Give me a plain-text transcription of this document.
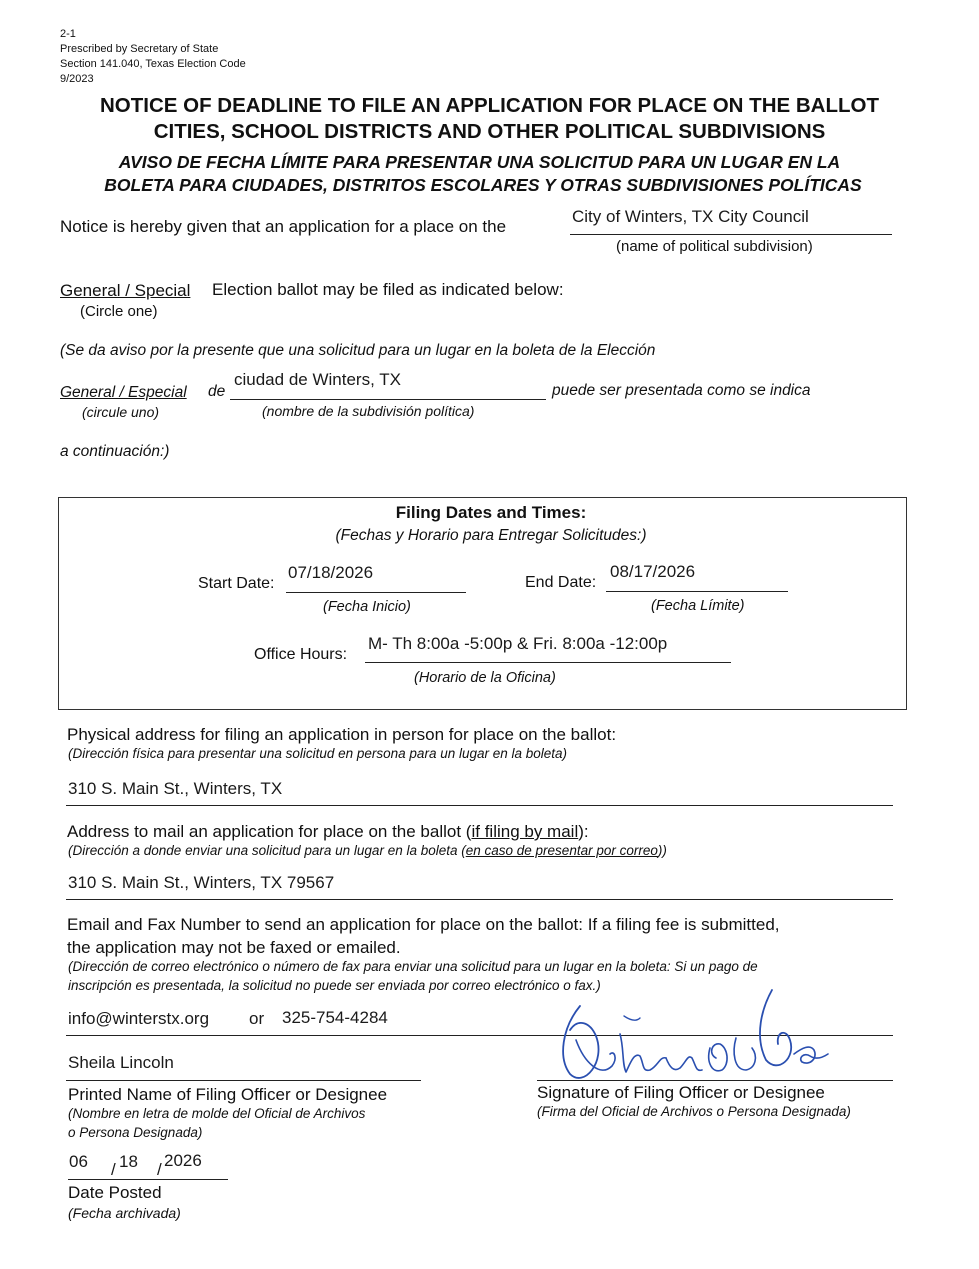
2-1
Prescribed by Secretary of State
Section 141.040, Texas Election Code
9/2023
NOTICE OF DEADLINE TO FILE AN APPLICATION FOR PLACE ON THE BALLOT
CITIES, SCHOOL DISTRICTS AND OTHER POLITICAL SUBDIVISIONS
AVISO DE FECHA LÍMITE PARA PRESENTAR UNA SOLICITUD PARA UN LUGAR EN LA
BOLETA PARA CIUDADES, DISTRITOS ESCOLARES Y OTRAS SUBDIVISIONES POLÍTICAS
Notice is hereby given that an application for a place on the
City of Winters, TX City Council
(name of political subdivision)
General / Special Election ballot may be filed as indicated below:
(Circle one)
(Se da aviso por la presente que una solicitud para un lugar en la boleta de la Elección
General / Especial de
ciudad de Winters, TX
puede ser presentada como se indica
(circule uno)	(nombre de la subdivisión política)
a continuación:)
Filing Dates and Times:
(Fechas y Horario para Entregar Solicitudes:)
Start Date:
07/18/2026
(Fecha Inicio)
End Date:
08/17/2026
(Fecha Límite)
Office Hours:
M- Th 8:00a -5:00p & Fri. 8:00a -12:00p
(Horario de la Oficina)
Physical address for filing an application in person for place on the ballot:
(Dirección física para presentar una solicitud en persona para un lugar en la boleta)
310 S. Main St., Winters, TX
Address to mail an application for place on the ballot (if filing by mail):
(Dirección a donde enviar una solicitud para un lugar en la boleta (en caso de presentar por correo))
310 S. Main St., Winters, TX 79567
Email and Fax Number to send an application for place on the ballot: If a filing fee is submitted,
the application may not be faxed or emailed.
(Dirección de correo electrónico o número de fax para enviar una solicitud para un lugar en la boleta: Si un pago de
inscripción es presentada, la solicitud no puede ser enviada por correo electrónico o fax.)
info@winterstx.org or 325-754-4284
Sheila Lincoln
Printed Name of Filing Officer or Designee
(Nombre en letra de molde del Oficial de Archivos
o Persona Designada)
Signature of Filing Officer or Designee
(Firma del Oficial de Archivos o Persona Designada)
06 / 18 / 2026
Date Posted
(Fecha archivada)
